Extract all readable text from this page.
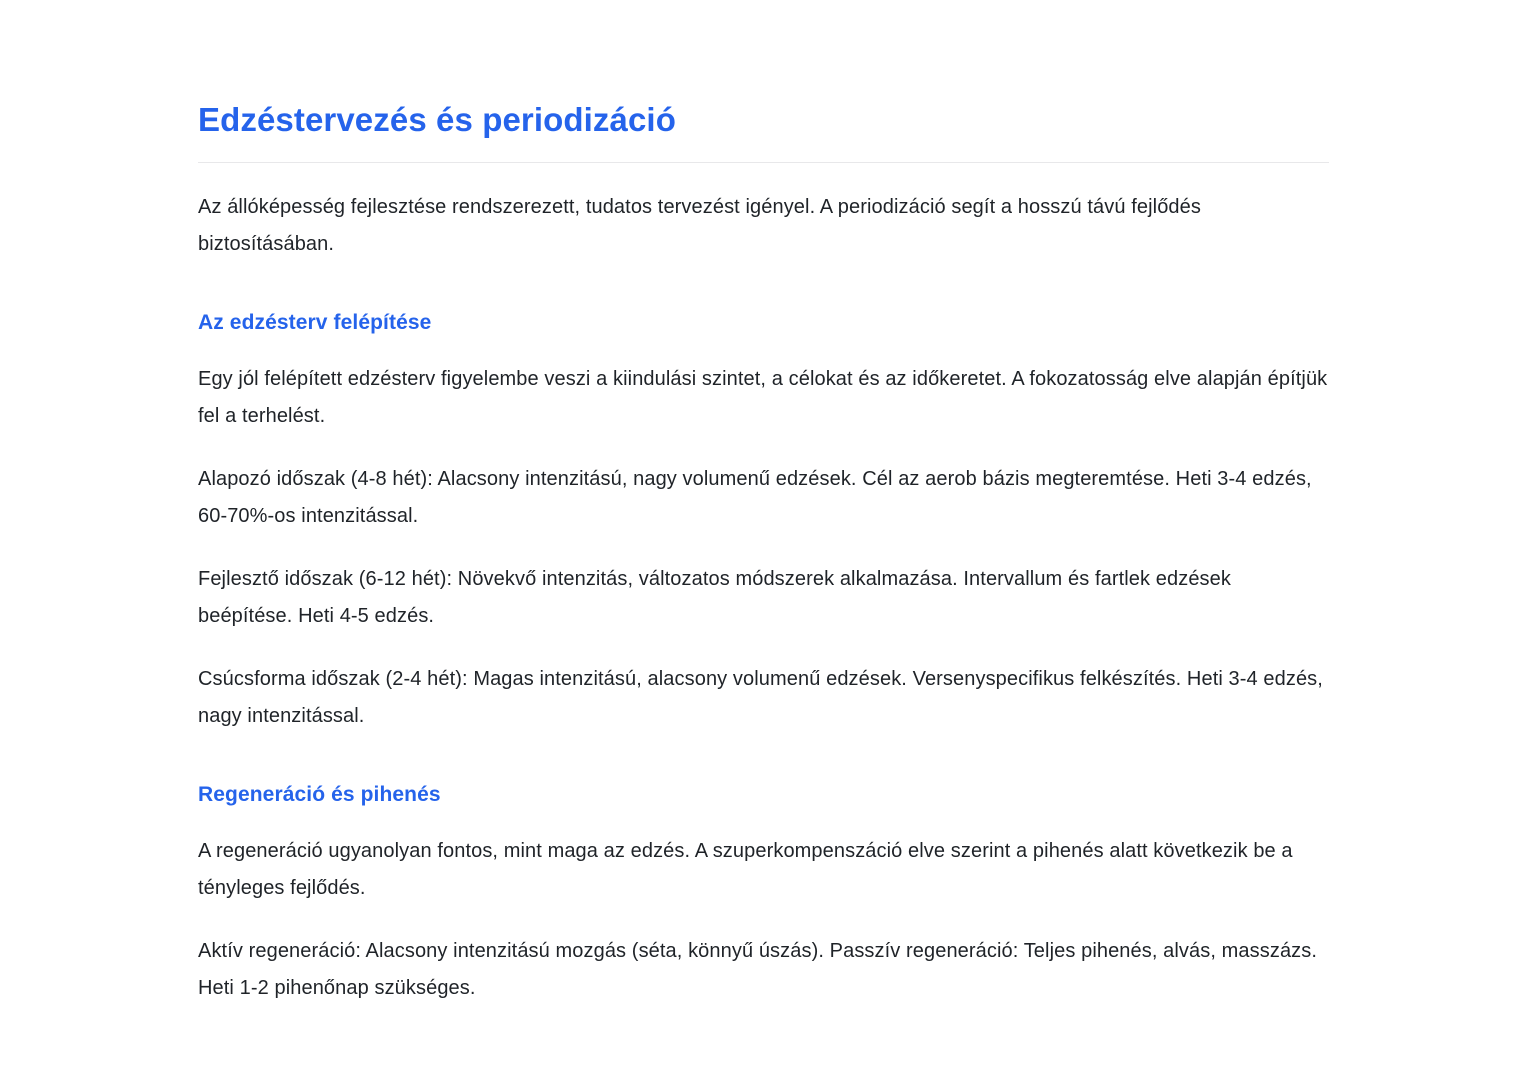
Edzéstervezés és periodizáció

Az állóképesség fejlesztése rendszerezett, tudatos tervezést igényel. A periodizáció segít a hosszú távú fejlődés biztosításában.

Az edzésterv felépítése

Egy jól felépített edzésterv figyelembe veszi a kiindulási szintet, a célokat és az időkeretet. A fokozatosság elve alapján építjük fel a terhelést.

Alapozó időszak (4-8 hét): Alacsony intenzitású, nagy volumenű edzések. Cél az aerob bázis megteremtése. Heti 3-4 edzés, 60-70%-os intenzitással.

Fejlesztő időszak (6-12 hét): Növekvő intenzitás, változatos módszerek alkalmazása. Intervallum és fartlek edzések beépítése. Heti 4-5 edzés.

Csúcsforma időszak (2-4 hét): Magas intenzitású, alacsony volumenű edzések. Versenyspecifikus felkészítés. Heti 3-4 edzés, nagy intenzitással.

Regeneráció és pihenés

A regeneráció ugyanolyan fontos, mint maga az edzés. A szuperkompenszáció elve szerint a pihenés alatt következik be a tényleges fejlődés.

Aktív regeneráció: Alacsony intenzitású mozgás (séta, könnyű úszás). Passzív regeneráció: Teljes pihenés, alvás, masszázs. Heti 1-2 pihenőnap szükséges.
